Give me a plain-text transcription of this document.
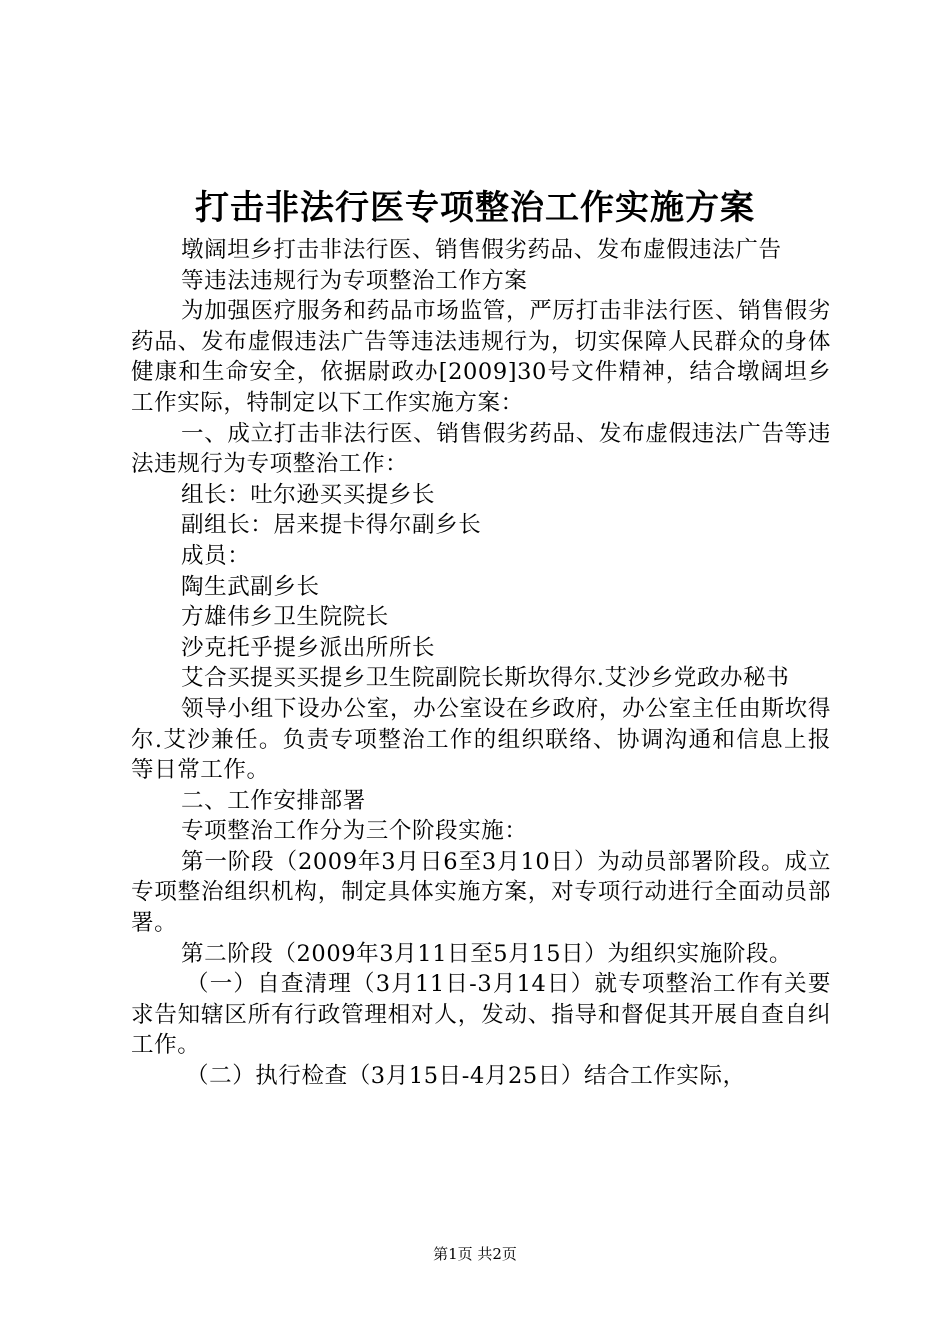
打击非法行医专项整治工作实施方案

墩阔坦乡打击非法行医、销售假劣药品、发布虚假违法广告

等违法违规行为专项整治工作方案

为加强医疗服务和药品市场监管，严厉打击非法行医、销售假劣药品、发布虚假违法广告等违法违规行为，切实保障人民群众的身体健康和生命安全，依据尉政办[2009]30号文件精神，结合墩阔坦乡工作实际，特制定以下工作实施方案：

一、成立打击非法行医、销售假劣药品、发布虚假违法广告等违法违规行为专项整治工作：

组长：吐尔逊买买提乡长

副组长：居来提卡得尔副乡长

成员：

陶生武副乡长

方雄伟乡卫生院院长

沙克托乎提乡派出所所长

艾合买提买买提乡卫生院副院长斯坎得尔.艾沙乡党政办秘书

领导小组下设办公室，办公室设在乡政府，办公室主任由斯坎得尔.艾沙兼任。负责专项整治工作的组织联络、协调沟通和信息上报等日常工作。

二、工作安排部署

专项整治工作分为三个阶段实施：

第一阶段（2009年3月日6至3月10日）为动员部署阶段。成立专项整治组织机构，制定具体实施方案，对专项行动进行全面动员部署。

第二阶段（2009年3月11日至5月15日）为组织实施阶段。

（一）自查清理（3月11日-3月14日）就专项整治工作有关要求告知辖区所有行政管理相对人，发动、指导和督促其开展自查自纠工作。

（二）执行检查（3月15日-4月25日）结合工作实际，

第1页 共2页
